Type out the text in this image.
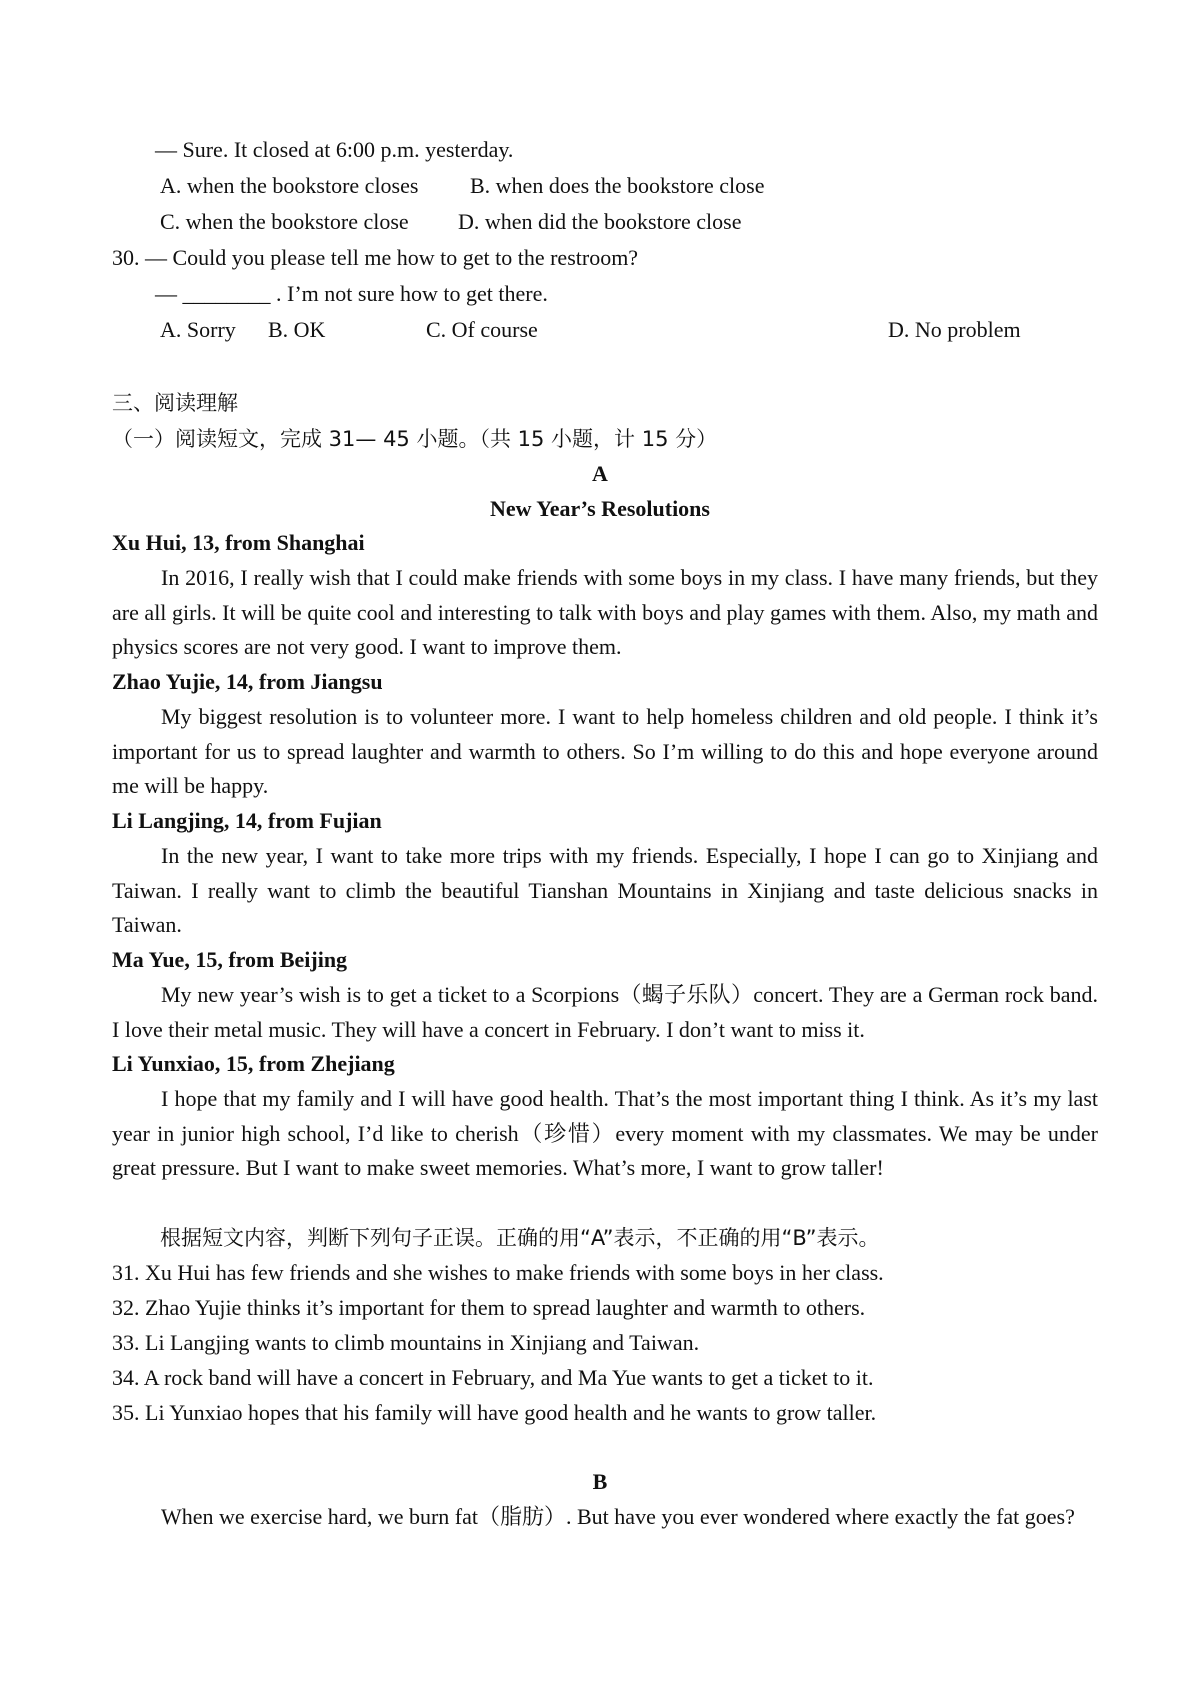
— Sure. It closed at 6:00 p.m. yesterday.
A. when the bookstore closes B. when does the bookstore close
C. when the bookstore close D. when did the bookstore close
30. — Could you please tell me how to get to the restroom?
— ________ . I’m not sure how to get there.
A. Sorry B. OK	C. Of course	D. No problem
三、阅读理解
（一）阅读短文，完成 31— 45 小题。（共 15 小题，计 15 分）
A
New Year’s Resolutions
Xu Hui, 13, from Shanghai
In 2016, I really wish that I could make friends with some boys in my class. I have many friends, but they are all girls. It will be quite cool and interesting to talk with boys and play games with them. Also, my math and physics scores are not very good. I want to improve them.
Zhao Yujie, 14, from Jiangsu
My biggest resolution is to volunteer more. I want to help homeless children and old people. I think it’s important for us to spread laughter and warmth to others. So I’m willing to do this and hope everyone around me will be happy.
Li Langjing, 14, from Fujian
In the new year, I want to take more trips with my friends. Especially, I hope I can go to Xinjiang and Taiwan. I really want to climb the beautiful Tianshan Mountains in Xinjiang and taste delicious snacks in Taiwan.
Ma Yue, 15, from Beijing
My new year’s wish is to get a ticket to a Scorpions（蝎子乐队）concert. They are a German rock band. I love their metal music. They will have a concert in February. I don’t want to miss it.
Li Yunxiao, 15, from Zhejiang
I hope that my family and I will have good health. That’s the most important thing I think. As it’s my last year in junior high school, I’d like to cherish（珍惜）every moment with my classmates. We may be under great pressure. But I want to make sweet memories. What’s more, I want to grow taller!
根据短文内容，判断下列句子正误。正确的用“A”表示，不正确的用“B”表示。
31. Xu Hui has few friends and she wishes to make friends with some boys in her class.
32. Zhao Yujie thinks it’s important for them to spread laughter and warmth to others.
33. Li Langjing wants to climb mountains in Xinjiang and Taiwan.
34. A rock band will have a concert in February, and Ma Yue wants to get a ticket to it.
35. Li Yunxiao hopes that his family will have good health and he wants to grow taller.
B
When we exercise hard, we burn fat（脂肪）. But have you ever wondered where exactly the fat goes?
